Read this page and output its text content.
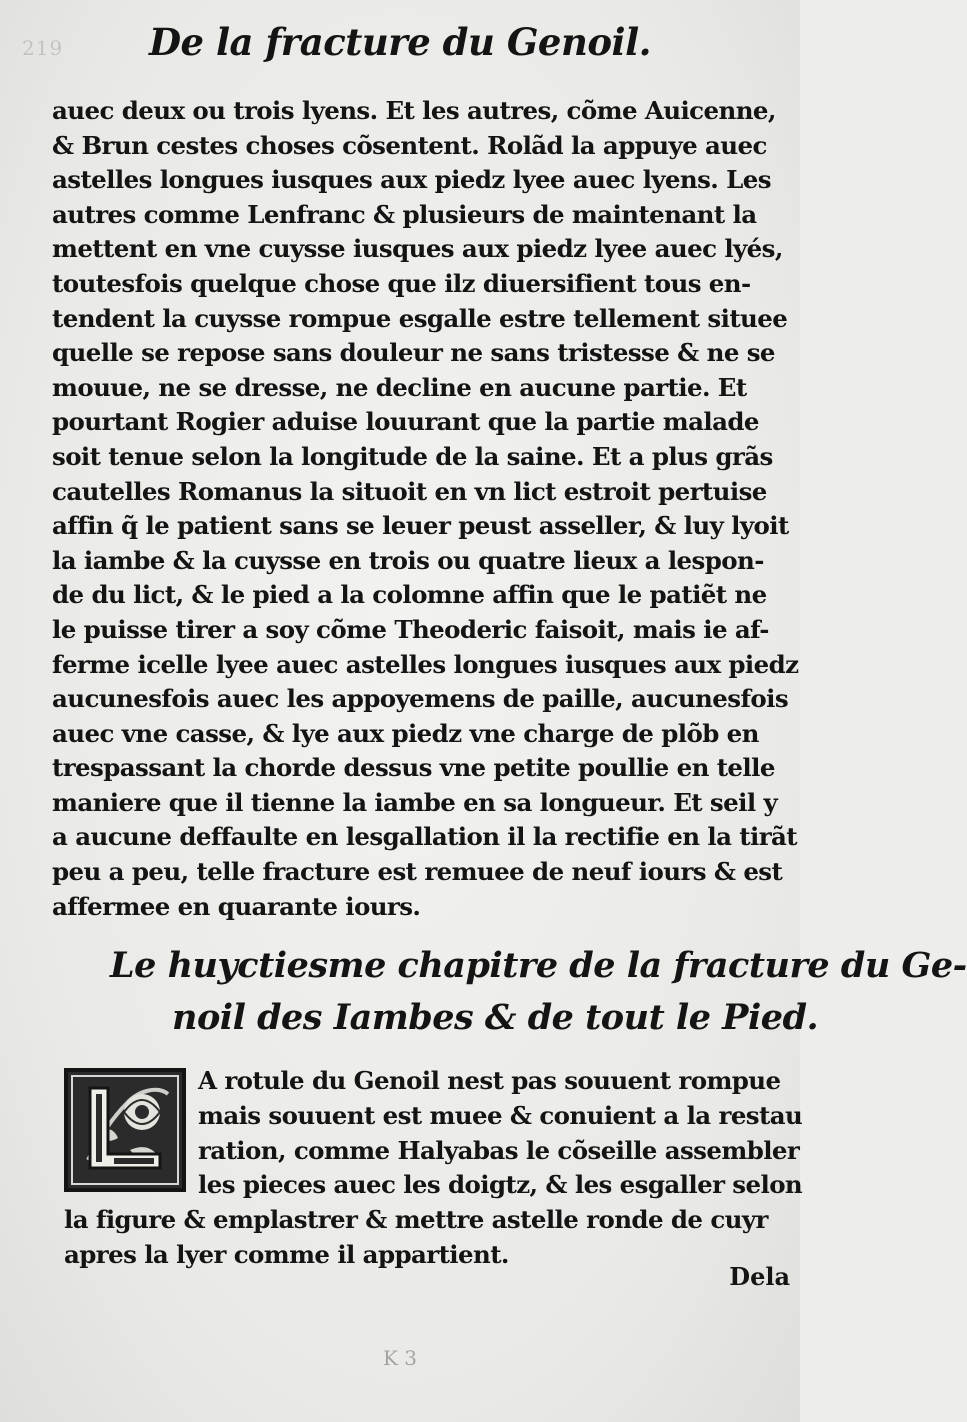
219	De la fracture du Genoil.
auec deux ou trois lyens. Et les autres, cõme Auicenne,
& Brun cestes choses cõsentent. Rolãd la appuye auec
astelles longues iusques aux piedz lyee auec lyens. Les
autres comme Lenfranc & plusieurs de maintenant la
mettent en vne cuysse iusques aux piedz lyee auec lyés,
toutesfois quelque chose que ilz diuersifient tous en-
tendent la cuysse rompue esgalle estre tellement situee
quelle se repose sans douleur ne sans tristesse & ne se
mouue, ne se dresse, ne decline en aucune partie. Et
pourtant Rogier aduise louurant que la partie malade
soit tenue selon la longitude de la saine. Et a plus grãs
cautelles Romanus la situoit en vn lict estroit pertuise
affin q̃ le patient sans se leuer peust asseller, & luy lyoit
la iambe & la cuysse en trois ou quatre lieux a lespon-
de du lict, & le pied a la colomne affin que le patiẽt ne
le puisse tirer a soy cõme Theoderic faisoit, mais ie af-
ferme icelle lyee auec astelles longues iusques aux piedz
aucunesfois auec les appoyemens de paille, aucunesfois
auec vne casse, & lye aux piedz vne charge de plõb en
trespassant la chorde dessus vne petite poullie en telle
maniere que il tienne la iambe en sa longueur. Et seil y
a aucune deffaulte en lesgallation il la rectifie en la tirãt
peu a peu, telle fracture est remuee de neuf iours & est
affermee en quarante iours.
Le huyctiesme chapitre de la fracture du Ge-
noil des Iambes & de tout le Pied.
A rotule du Genoil nest pas souuent rompue
mais souuent est muee & conuient a la restau
ration, comme Halyabas le cõseille assembler
les pieces auec les doigtz, & les esgaller selon
la figure & emplastrer & mettre astelle ronde de cuyr
apres la lyer comme il appartient.
Dela
K 3
